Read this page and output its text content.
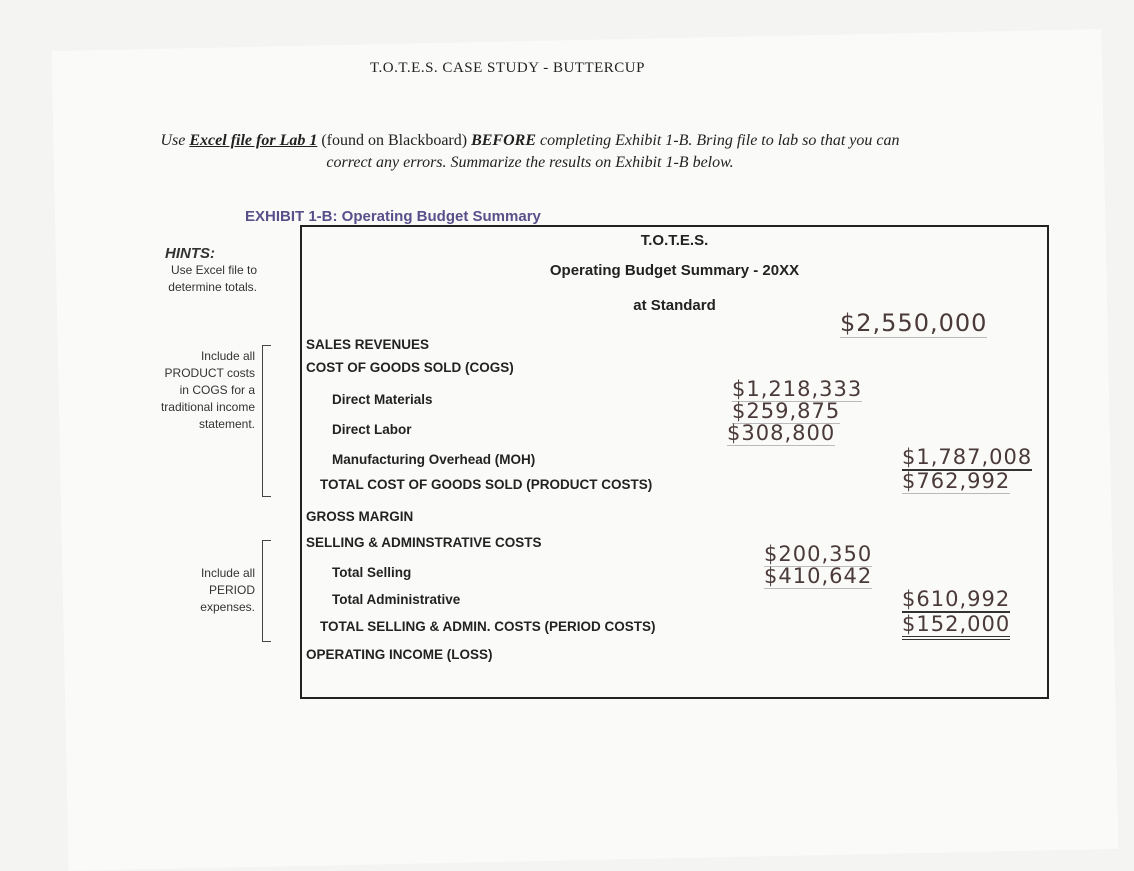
T.O.T.E.S. CASE STUDY - BUTTERCUP
Use Excel file for Lab 1 (found on Blackboard) BEFORE completing Exhibit 1-B. Bring file to lab so that you can correct any errors. Summarize the results on Exhibit 1-B below.
EXHIBIT 1-B: Operating Budget Summary
HINTS:
Use Excel file to determine totals.
Include all PRODUCT costs in COGS for a traditional income statement.
Include all PERIOD expenses.
T.O.T.E.S.
Operating Budget Summary - 20XX
at Standard
SALES REVENUES
COST OF GOODS SOLD (COGS)
Direct Materials
Direct Labor
Manufacturing Overhead (MOH)
TOTAL COST OF GOODS SOLD (PRODUCT COSTS)
GROSS MARGIN
SELLING & ADMINSTRATIVE COSTS
Total Selling
Total Administrative
TOTAL SELLING & ADMIN. COSTS (PERIOD COSTS)
OPERATING INCOME (LOSS)
$2,550,000
$1,218,333
$259,875
$308,800
$1,787,008
$762,992
$200,350
$410,642
$610,992
$152,000
